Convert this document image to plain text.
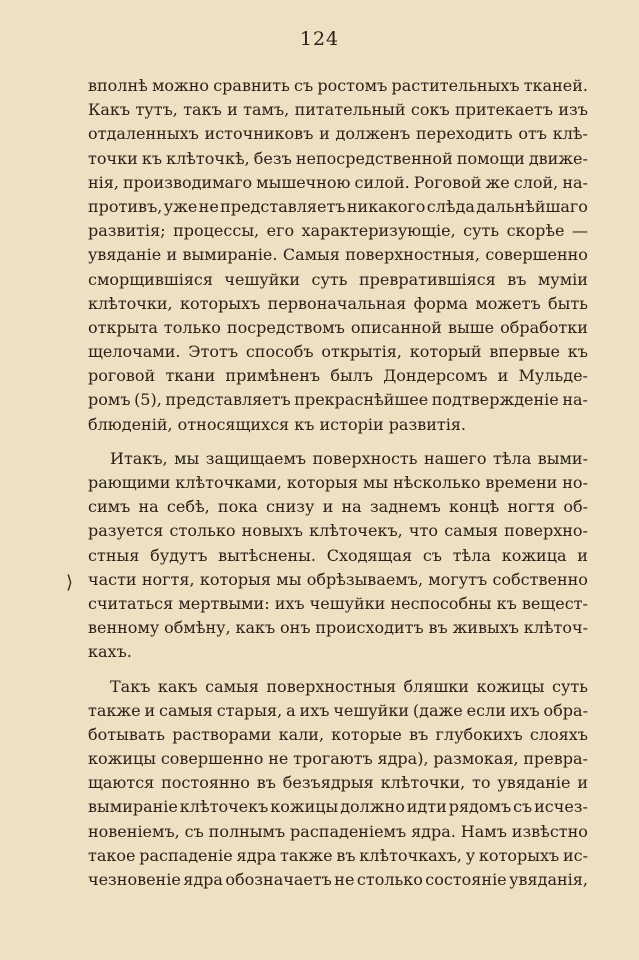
124
⟩
вполнѣ можно сравнить съ ростомъ растительныхъ тканей.
Какъ тутъ, такъ и тамъ, питательный сокъ притекаетъ изъ
отдаленныхъ источниковъ и долженъ переходить отъ клѣ-
точки къ клѣточкѣ, безъ непосредственной помощи движе-
нія, производимаго мышечною силой. Роговой же слой, на-
противъ, уже не представляетъ никакого слѣда дальнѣйшаго
развитія; процессы, его характеризующіе, суть скорѣе —
увяданіе и вымираніе. Самыя поверхностныя, совершенно
сморщившіяся чешуйки суть превратившіяся въ муміи
клѣточки, которыхъ первоначальная форма можетъ быть
открыта только посредствомъ описанной выше обработки
щелочами. Этотъ способъ открытія, который впервые къ
роговой ткани примѣненъ былъ Дондерсомъ и Мульде-
ромъ (5), представляетъ прекраснѣйшее подтвержденіе на-
блюденій, относящихся къ исторіи развитія.
Итакъ, мы защищаемъ поверхность нашего тѣла выми-
рающими клѣточками, которыя мы нѣсколько времени но-
симъ на себѣ, пока снизу и на заднемъ концѣ ногтя об-
разуется столько новыхъ клѣточекъ, что самыя поверхно-
стныя будутъ вытѣснены. Сходящая съ тѣла кожица и
части ногтя, которыя мы обрѣзываемъ, могутъ собственно
считаться мертвыми: ихъ чешуйки неспособны къ вещест-
венному обмѣну, какъ онъ происходитъ въ живыхъ клѣточ-
кахъ.
Такъ какъ самыя поверхностныя бляшки кожицы суть
также и самыя старыя, а ихъ чешуйки (даже если ихъ обра-
ботывать растворами кали, которые въ глубокихъ слояхъ
кожицы совершенно не трогаютъ ядра), размокая, превра-
щаются постоянно въ безъядрыя клѣточки, то увяданіе и
вымираніе клѣточекъ кожицы должно идти рядомъ съ исчез-
новеніемъ, съ полнымъ распаденіемъ ядра. Намъ извѣстно
такое распаденіе ядра также въ клѣточкахъ, у которыхъ ис-
чезновеніе ядра обозначаетъ не столько состояніе увяданія,
